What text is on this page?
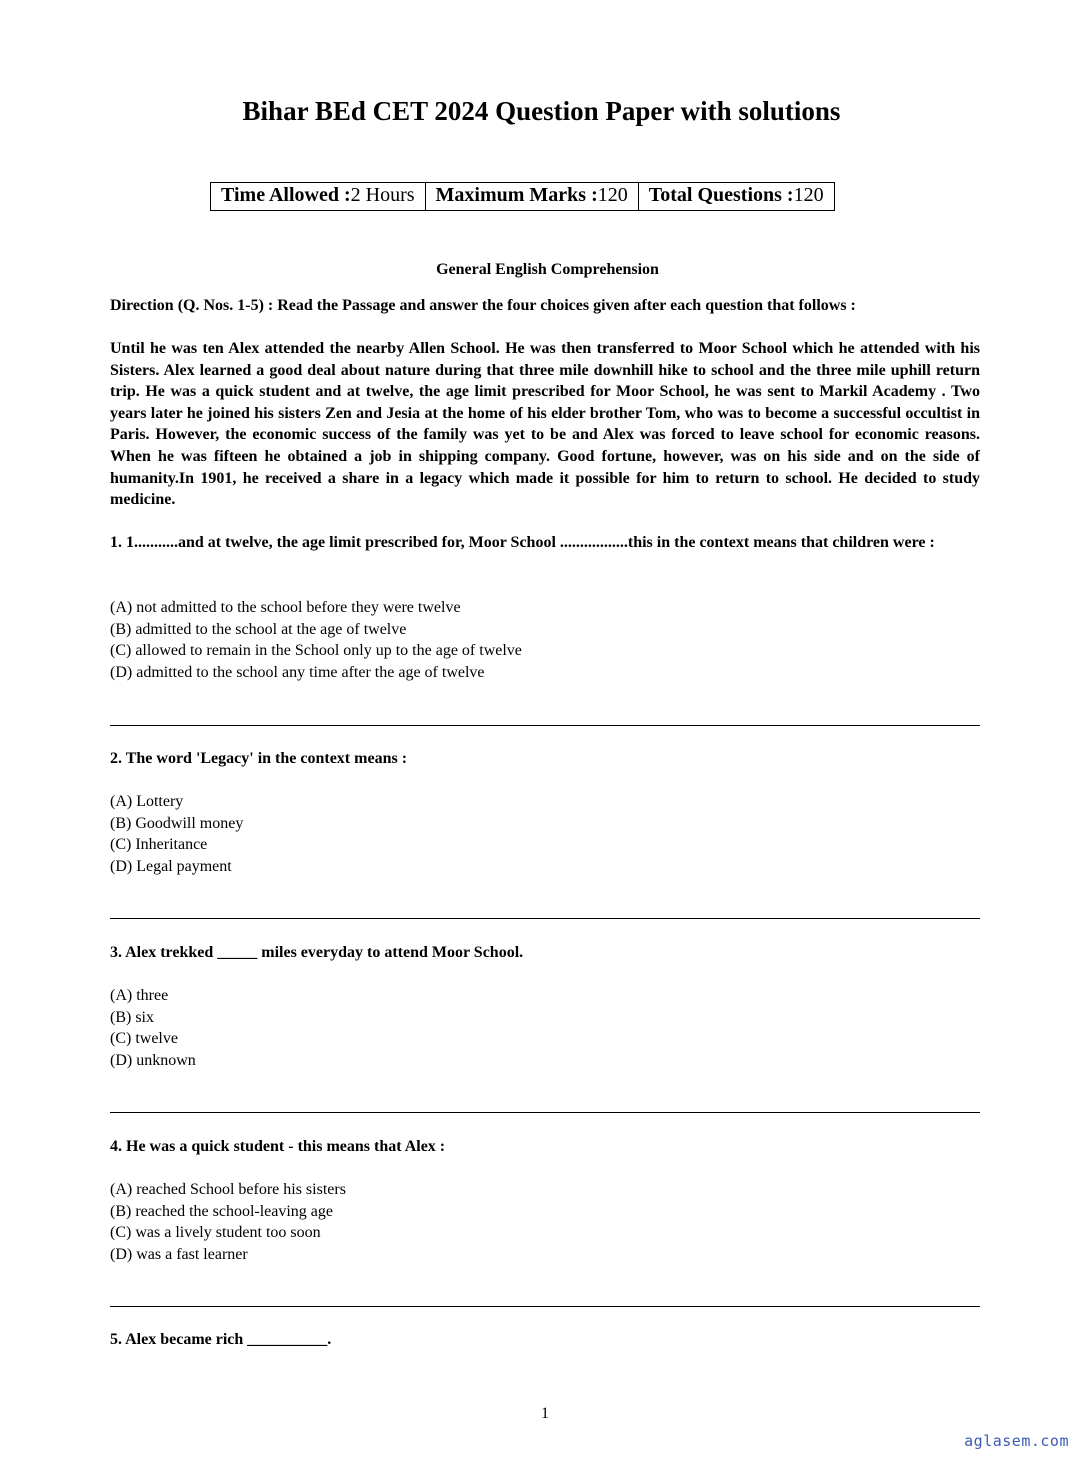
Bihar BEd CET 2024 Question Paper with solutions
Time Allowed :2 Hours	Maximum Marks :120	Total Questions :120
General English Comprehension
Direction (Q. Nos. 1-5) : Read the Passage and answer the four choices given after each question that follows :

Until he was ten Alex attended the nearby Allen School. He was then transferred to Moor School which he attended with his Sisters. Alex learned a good deal about nature during that three mile downhill hike to school and the three mile uphill return trip. He was a quick student and at twelve, the age limit prescribed for Moor School, he was sent to Markil Academy . Two years later he joined his sisters Zen and Jesia at the home of his elder brother Tom, who was to become a successful occultist in Paris. However, the economic success of the family was yet to be and Alex was forced to leave school for economic reasons. When he was fifteen he obtained a job in shipping company. Good fortune, however, was on his side and on the side of humanity.In 1901, he received a share in a legacy which made it possible for him to return to school. He decided to study medicine.

1. 1...........and at twelve, the age limit prescribed for, Moor School .................this in the context means that children were :
(A) not admitted to the school before they were twelve
(B) admitted to the school at the age of twelve
(C) allowed to remain in the School only up to the age of twelve
(D) admitted to the school any time after the age of twelve
2. The word 'Legacy' in the context means :
(A) Lottery
(B) Goodwill money
(C) Inheritance
(D) Legal payment
3. Alex trekked _____ miles everyday to attend Moor School.
(A) three
(B) six
(C) twelve
(D) unknown
4. He was a quick student - this means that Alex :
(A) reached School before his sisters
(B) reached the school-leaving age
(C) was a lively student too soon
(D) was a fast learner
5. Alex became rich __________.
1
aglasem.com
